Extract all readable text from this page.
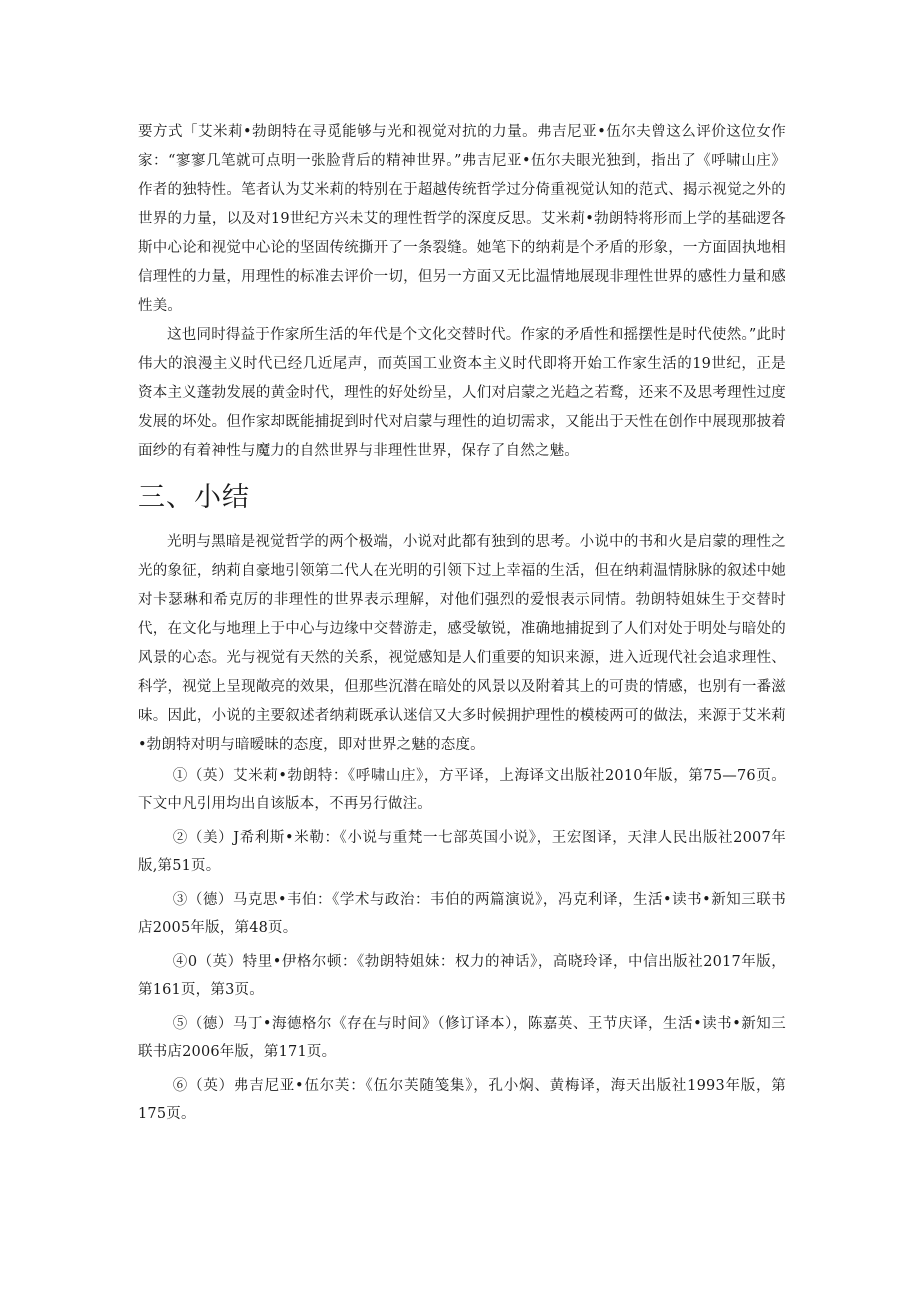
要方式「艾米莉•勃朗特在寻觅能够与光和视觉对抗的力量。弗吉尼亚•伍尔夫曾这么评价这位女作家：“寥寥几笔就可点明一张脸背后的精神世界。”弗吉尼亚•伍尔夫眼光独到，指出了《呼啸山庄》作者的独特性。笔者认为艾米莉的特别在于超越传统哲学过分倚重视觉认知的范式、揭示视觉之外的世界的力量，以及对19世纪方兴未艾的理性哲学的深度反思。艾米莉•勃朗特将形而上学的基础逻各斯中心论和视觉中心论的坚固传统撕开了一条裂缝。她笔下的纳莉是个矛盾的形象，一方面固执地相信理性的力量，用理性的标准去评价一切，但另一方面又无比温情地展现非理性世界的感性力量和感性美。

这也同时得益于作家所生活的年代是个文化交替时代。作家的矛盾性和摇摆性是时代使然。”此时伟大的浪漫主义时代已经几近尾声，而英国工业资本主义时代即将开始工作家生活的19世纪，正是资本主义蓬勃发展的黄金时代，理性的好处纷呈，人们对启蒙之光趋之若鹜，还来不及思考理性过度发展的坏处。但作家却既能捕捉到时代对启蒙与理性的迫切需求，又能出于天性在创作中展现那披着面纱的有着神性与魔力的自然世界与非理性世界，保存了自然之魅。

三、小结

光明与黑暗是视觉哲学的两个极端，小说对此都有独到的思考。小说中的书和火是启蒙的理性之光的象征，纳莉自豪地引领第二代人在光明的引领下过上幸福的生活，但在纳莉温情脉脉的叙述中她对卡瑟琳和希克厉的非理性的世界表示理解，对他们强烈的爱恨表示同情。勃朗特姐妹生于交替时代，在文化与地理上于中心与边缘中交替游走，感受敏锐，准确地捕捉到了人们对处于明处与暗处的风景的心态。光与视觉有天然的关系，视觉感知是人们重要的知识来源，进入近现代社会追求理性、科学，视觉上呈现敞亮的效果，但那些沉潜在暗处的风景以及附着其上的可贵的情感，也别有一番滋味。因此，小说的主要叙述者纳莉既承认迷信又大多时候拥护理性的模棱两可的做法，来源于艾米莉•勃朗特对明与暗暧昧的态度，即对世界之魅的态度。

①（英）艾米莉•勃朗特：《呼啸山庄》，方平译，上海译文出版社2010年版，第75—76页。下文中凡引用均出自该版本，不再另行做注。

②（美）J希利斯•米勒：《小说与重梵一七部英国小说》，王宏图译，天津人民出版社2007年版,第51页。

③（德）马克思•韦伯：《学术与政治：韦伯的两篇演说》，冯克利译，生活•读书•新知三联书店2005年版，第48页。

④0（英）特里•伊格尔顿：《勃朗特姐妹：权力的神话》，高晓玲译，中信出版社2017年版，第161页，第3页。

⑤（德）马丁•海德格尔《存在与时间》（修订译本），陈嘉英、王节庆译，生活•读书•新知三联书店2006年版，第171页。

⑥（英）弗吉尼亚•伍尔芙：《伍尔芙随笺集》，孔小焖、黄梅译，海天出版社1993年版，第175页。
